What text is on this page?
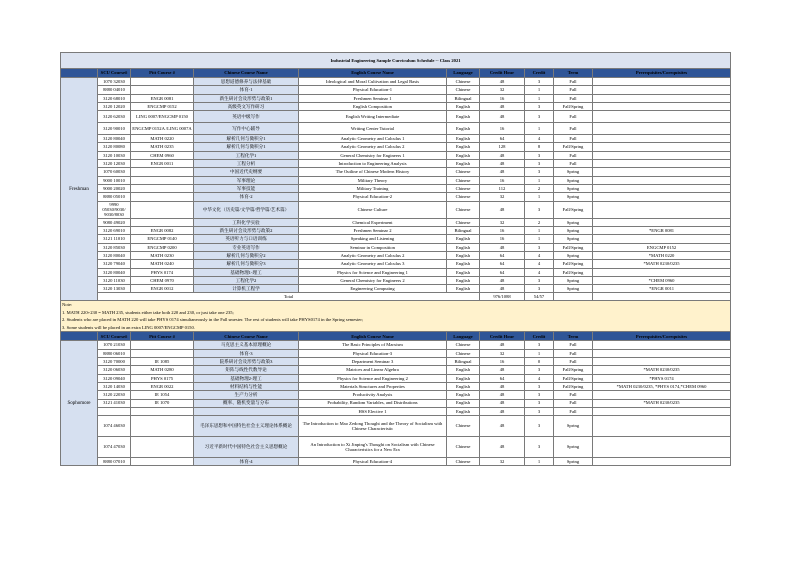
Industrial Engineering Sample Curriculum Schedule -- Class 2021									
	SCU Course#	Pitt Course #	Chinese Course Name	English Course Name	Language	Credit Hour	Credit	Term	Prerequisites/Corequisites
Freshman	1070 32030		思想道德修养与法律基础	Ideological and Moral Cultivation and Legal Basis	Chinese	48	3	Fall	
	8880 04010		体育-1	Physical Education-1	Chinese	32	1	Fall	
	3120 68010	ENGR 0081	新生研讨会及形势与政策1	Freshmen Seminar 1	Bilingual	16	1	Fall	
	3120 12020	ENGCMP 0152	高级英文写作研习	English Composition	English	48	3	Fall/Spring	
	3120 62030	LING 0007/ENGCMP 0150	英语中级写作	English Writing Intermediate	English	48	3	Fall	
	3120 90010	ENGCMP 0152A /LING 0007A	写作中心辅导	Writing Center Tutorial	English	16	1	Fall	
	3120 80040	MATH 0220	解析几何与微积分1	Analytic Geometry and Calculus 1	English	64	4	Fall	
	3120 80080	MATH 0235	解析几何与微积分1	Analytic Geometry and Calculus 2	English	128	8	Fall/Spring	
	3120 10030	CHEM 0960	工程化学1	General Chemistry for Engineers 1	English	48	3	Fall	
	3120 12030	ENGR 0011	工程分析	Introduction to Engineering Analysis	English	48	3	Fall	
	1070 60030		中国近代史纲要	The Outline of Chinese Modern History	Chinese	48	3	Spring	
	9000 10010		军事理论	Military Theory	Chinese	16	1	Spring	
	9000 20020		军事技能	Military Training	Chinese	112	2	Spring	
	8880 05010		体育-2	Physical Education-2	Chinese	32	1	Spring	
	9990 05030/9030/ 9030/8030		中华文化（历史篇/文学篇/哲学篇/艺术篇）	Chinese Culture	Chinese	48	3	Fall/Spring	
	9080 49020		工科化学实验	Chemical Experiment	Chinese	32	2	Spring	
	3120 69010	ENGR 0082	新生研讨会及形势与政策2	Freshmen Seminar 2	Bilingual	16	1	Spring	*ENGR 0081
	3121 11010	ENGCMP 0140	英语听力与口语训练	Speaking and Listening	English	16	1	Spring	
	3120 85030	ENGCMP 0200	专业英语写作	Seminar in Composition	English	48	3	Fall/Spring	ENGCMP 0152
	3120 80040	MATH 0230	解析几何与微积分2	Analytic Geometry and Calculus 2	English	64	4	Spring	*MATH 0220
	3120 79040	MATH 0240	解析几何与微积分3	Analytic Geometry and Calculus 3	English	64	4	Fall/Spring	*MATH 0230/0235
	3120 80040	PHYS 0174	基础物理1-理工	Physics for Science and Engineering 1	English	64	4	Fall/Spring	
	3120 11030	CHEM 0970	工程化学2	General Chemistry for Engineers 2	English	48	3	Spring	*CHEM 0960
	3120 13030	ENGR 0012	计算机工程学	Engineering Computing	English	48	3	Spring	*ENGR 0011
	Total					976/1088	54/57		

Note:
1. MATH 220+230 = MATH 235, students either take both 220 and 230, or just take one 235;
2. Students who are placed in MATH 220 will take PHYS 0174 simultaneously in the Fall smester. The rest of students will take PHYS0174 in the Spring semester;
3. Some students will be placed in an extra LING 0007/ENGCMP 0150.									

	SCU Course#	Pitt Course #	Chinese Course Name	English Course Name	Language	Credit Hour	Credit	Term	Prerequisites/Corequisites
Sophomore	1070 21030		马克思主义基本原理概论	The Basic Principles of Marxism	Chinese	48	3	Fall	
	8880 06010		体育-3	Physical Education-3	Chinese	32	1	Fall	
	3120 70000	IE 1085	院系研讨会及形势与政策3	Department Seminar 3	Bilingual	16	0	Fall	
	3120 06030	MATH 0280	矩阵与线性代数导论	Matrices and Linear Algebra	English	48	3	Fall/Spring	*MATH 0230/0235
	3120 09040	PHYS 0175	基础物理2-理工	Physics for Science and Engineering 2	English	64	4	Fall/Spring	*PHYS 0174
	3120 14030	ENGR 0022	材料结构与性能	Materials Structures and Properties	English	48	3	Fall/Spring	*MATH 0230/0235, *PHYS 0174,*CHEM 0960
	3120 22030	IE 1054	生产力分析	Productivity Analysis	English	48	3	Fall	
	3121 41030	IE 1070	概率、随机变量与分布	Probability, Random Variables, and Distributions	English	48	3	Fall	*MATH 0230/0235
				HSS Elective 1	English	48	3	Fall	
	1074 46030		毛泽东思想和中国特色社会主义理论体系概论	The Introduction to Mao Zedong Thought and the Theory of Socialism with Chinese Characteristic	Chinese	48	3	Spring	
	1074 47030		习近平新时代中国特色社会主义思想概论	An Introduction to Xi Jinping's Thought on Socialism with Chinese Characteristics for a New Era	Chinese	48	3	Spring	
	8880 07010		体育-4	Physical Education-4	Chinese	32	1	Spring	
